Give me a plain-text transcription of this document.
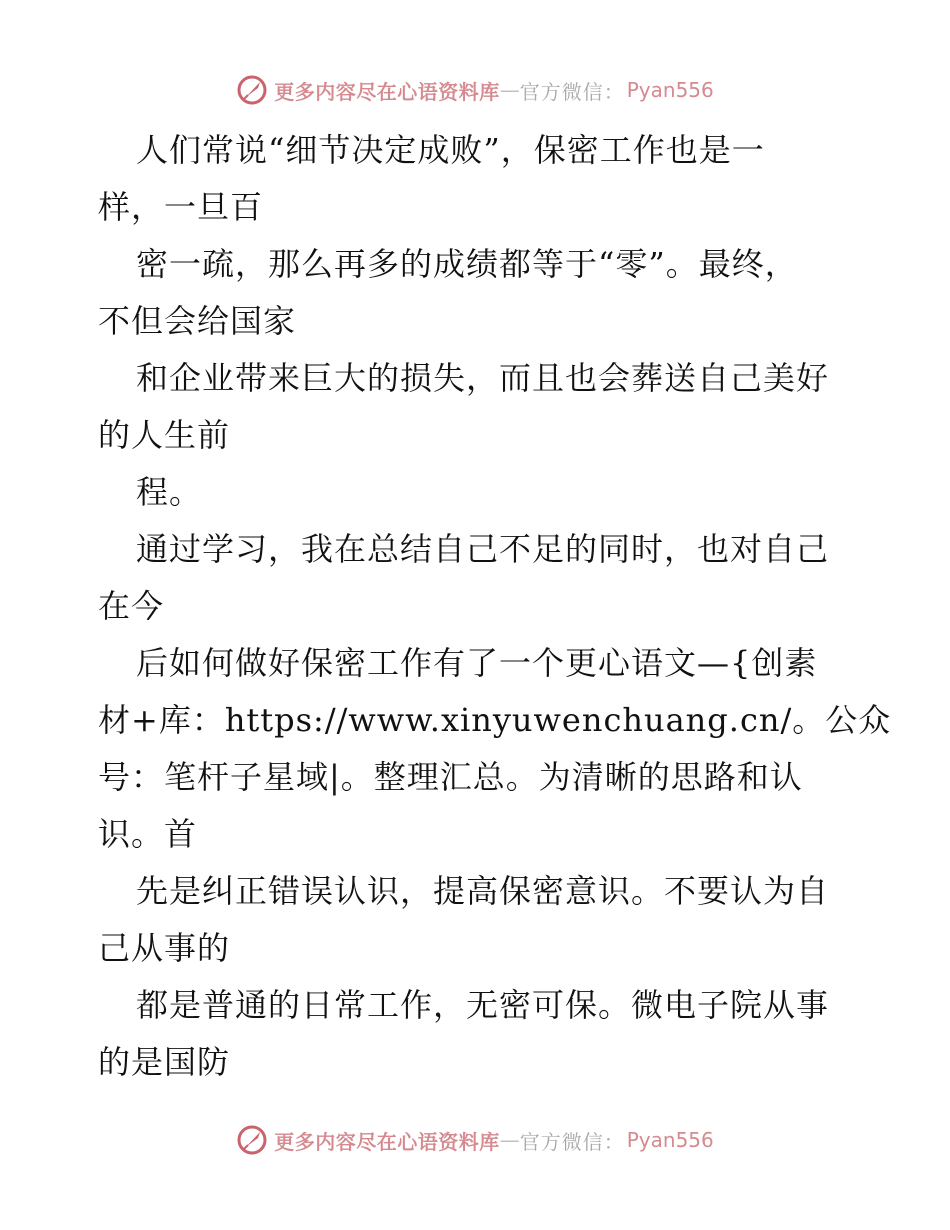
更多内容尽在心语资料库 — 官方微信： Pyan556
人们常说“细节决定成败”，保密工作也是一
样，一旦百
密一疏，那么再多的成绩都等于“零”。最终，
不但会给国家
和企业带来巨大的损失，而且也会葬送自己美好
的人生前
程。
通过学习，我在总结自己不足的同时，也对自己
在今
后如何做好保密工作有了一个更心语文—{创素
材+库：https://www.xinyuwenchuang.cn/。公众
号：笔杆子星域|。整理汇总。为清晰的思路和认
识。首
先是纠正错误认识，提高保密意识。不要认为自
己从事的
都是普通的日常工作，无密可保。微电子院从事
的是国防
更多内容尽在心语资料库 — 官方微信： Pyan556
